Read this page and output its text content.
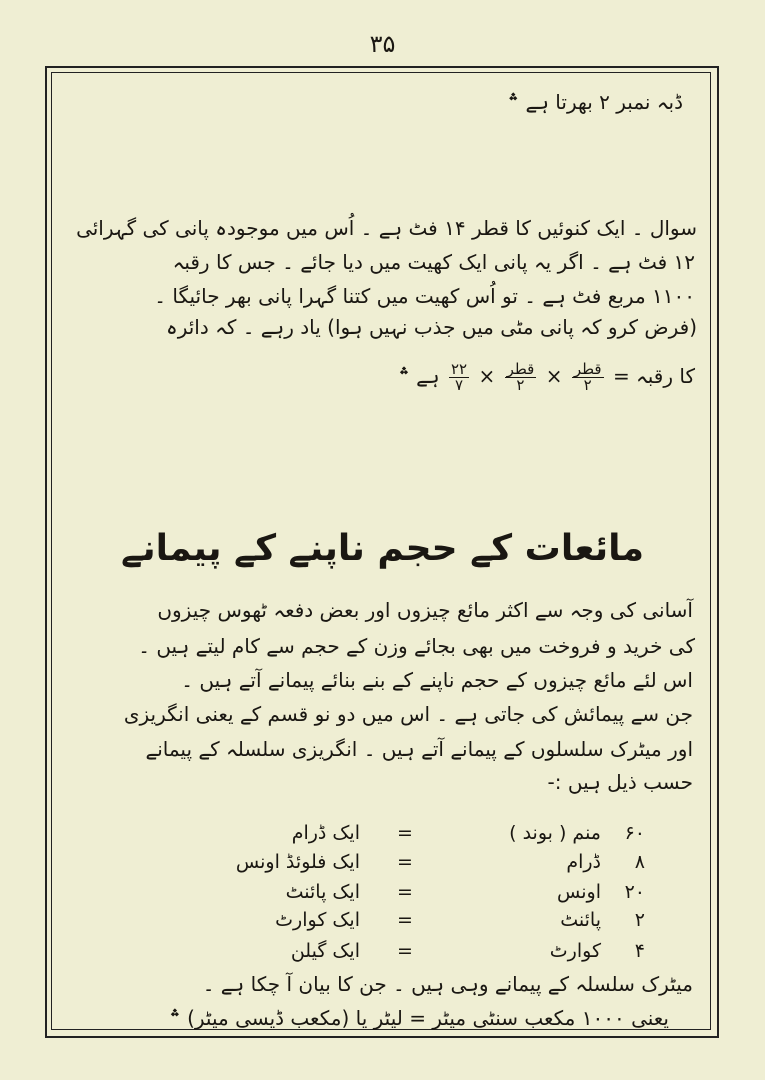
۳۵
ڈبہ نمبر ۲ بھرتا ہے ؞
سوال ۔ ایک کنوئیں کا قطر ۱۴ فٹ ہے ۔ اُس میں موجودہ پانی کی گہرائی
۱۲ فٹ ہے ۔ اگر یہ پانی ایک کھیت میں دیا جائے ۔ جس کا رقبہ
۱۱۰۰ مربع فٹ ہے ۔ تو اُس کھیت میں کتنا گہرا پانی بھر جائیگا ۔
(فرض کرو کہ پانی مٹی میں جذب نہیں ہوا) یاد رہے ۔ کہ دائرہ
کا رقبہ =
$\frac{\text{قطر}}{۲}$
×
$\frac{\text{قطر}}{۲}$
×
$\frac{۲۲}{۷}$
ہے ؞
مائعات کے حجم ناپنے کے پیمانے
آسانی کی وجہ سے اکثر مائع چیزوں اور بعض دفعہ ٹھوس چیزوں
کی خرید و فروخت میں بھی بجائے وزن کے حجم سے کام لیتے ہیں ۔
اس لئے مائع چیزوں کے حجم ناپنے کے بنے بنائے پیمانے آتے ہیں ۔
جن سے پیمائش کی جاتی ہے ۔ اس میں دو نو قسم کے یعنی انگریزی
اور میٹرک سلسلوں کے پیمانے آتے ہیں ۔ انگریزی سلسلہ کے پیمانے
حسب ذیل ہیں :-
۶۰
منم ( بوند )
=
ایک ڈرام
۸
ڈرام
=
ایک فلوئڈ اونس
۲۰
اونس
=
ایک پائنٹ
۲
پائنٹ
=
ایک کوارٹ
۴
کوارٹ
=
ایک گیلن
میٹرک سلسلہ کے پیمانے وہی ہیں ۔ جن کا بیان آ چکا ہے ۔
یعنی ۱۰۰۰ مکعب سنٹی میٹر = لیٹر یا (مکعب ڈیسی میٹر) ؞
